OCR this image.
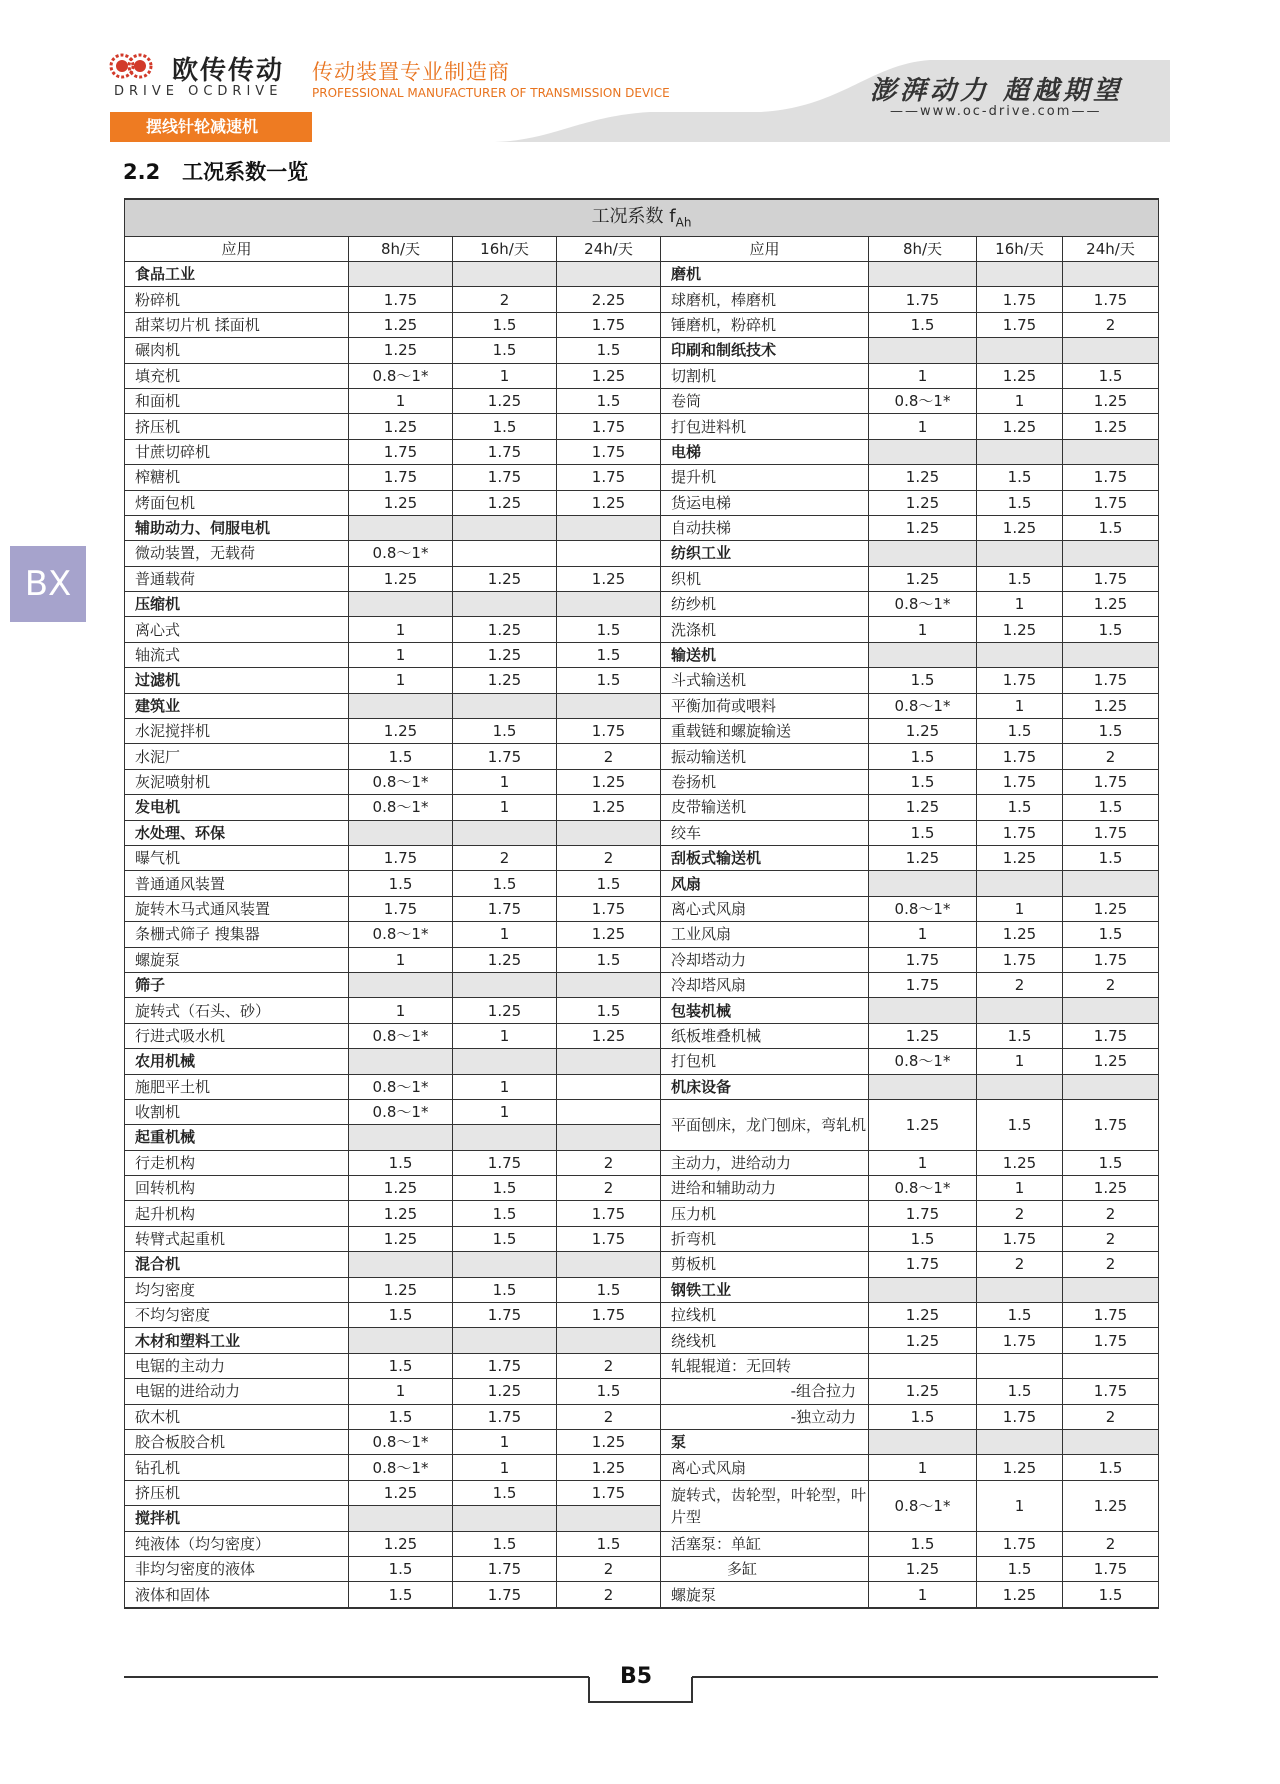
欧传传动
DRIVE OCDRIVE
传动装置专业制造商
PROFESSIONAL MANUFACTURER OF TRANSMISSION DEVICE	澎湃动力 超越期望
——www.oc-drive.com——
摆线针轮减速机
2.2   工况系数一览
BX
工况系数 $f_{Ah}$
应用	8h/天	16h/天	24h/天	应用	8h/天	16h/天	24h/天
食品工业				磨机			
粉碎机	1.75	2	2.25	球磨机，棒磨机	1.75	1.75	1.75
甜菜切片机 揉面机	1.25	1.5	1.75	锤磨机，粉碎机	1.5	1.75	2
碾肉机	1.25	1.5	1.5	印刷和制纸技术			
填充机	0.8～1*	1	1.25	切割机	1	1.25	1.5
和面机	1	1.25	1.5	卷筒	0.8～1*	1	1.25
挤压机	1.25	1.5	1.75	打包进料机	1	1.25	1.25
甘蔗切碎机	1.75	1.75	1.75	电梯			
榨糖机	1.75	1.75	1.75	提升机	1.25	1.5	1.75
烤面包机	1.25	1.25	1.25	货运电梯	1.25	1.5	1.75
辅助动力、伺服电机				自动扶梯	1.25	1.25	1.5
微动装置，无载荷	0.8～1*			纺织工业			
普通载荷	1.25	1.25	1.25	织机	1.25	1.5	1.75
压缩机				纺纱机	0.8～1*	1	1.25
离心式	1	1.25	1.5	洗涤机	1	1.25	1.5
轴流式	1	1.25	1.5	输送机			
过滤机	1	1.25	1.5	斗式输送机	1.5	1.75	1.75
建筑业				平衡加荷或喂料	0.8～1*	1	1.25
水泥搅拌机	1.25	1.5	1.75	重载链和螺旋输送	1.25	1.5	1.5
水泥厂	1.5	1.75	2	振动输送机	1.5	1.75	2
灰泥喷射机	0.8～1*	1	1.25	卷扬机	1.5	1.75	1.75
发电机	0.8～1*	1	1.25	皮带输送机	1.25	1.5	1.5
水处理、环保				绞车	1.5	1.75	1.75
曝气机	1.75	2	2	刮板式输送机	1.25	1.25	1.5
普通通风装置	1.5	1.5	1.5	风扇			
旋转木马式通风装置	1.75	1.75	1.75	离心式风扇	0.8～1*	1	1.25
条栅式筛子 搜集器	0.8～1*	1	1.25	工业风扇	1	1.25	1.5
螺旋泵	1	1.25	1.5	冷却塔动力	1.75	1.75	1.75
筛子				冷却塔风扇	1.75	2	2
旋转式（石头、砂）	1	1.25	1.5	包装机械			
行进式吸水机	0.8～1*	1	1.25	纸板堆叠机械	1.25	1.5	1.75
农用机械				打包机	0.8～1*	1	1.25
施肥平土机	0.8～1*	1		机床设备			
收割机	0.8～1*	1		平面刨床，龙门刨床，弯轧机	1.25	1.5	1.75
起重机械							
行走机构	1.5	1.75	2	主动力，进给动力	1	1.25	1.5
回转机构	1.25	1.5	2	进给和辅助动力	0.8～1*	1	1.25
起升机构	1.25	1.5	1.75	压力机	1.75	2	2
转臂式起重机	1.25	1.5	1.75	折弯机	1.5	1.75	2
混合机				剪板机	1.75	2	2
均匀密度	1.25	1.5	1.5	钢铁工业			
不均匀密度	1.5	1.75	1.75	拉线机	1.25	1.5	1.75
木材和塑料工业				绕线机	1.25	1.75	1.75
电锯的主动力	1.5	1.75	2	轧辊辊道：无回转			
电锯的进给动力	1	1.25	1.5	-组合拉力	1.25	1.5	1.75
砍木机	1.5	1.75	2	-独立动力	1.5	1.75	2
胶合板胶合机	0.8～1*	1	1.25	泵			
钻孔机	0.8～1*	1	1.25	离心式风扇	1	1.25	1.5
挤压机	1.25	1.5	1.75	旋转式，齿轮型，叶轮型，叶片型	0.8～1*	1	1.25
搅拌机							
纯液体（均匀密度）	1.25	1.5	1.5	活塞泵：单缸	1.5	1.75	2
非均匀密度的液体	1.5	1.75	2	多缸	1.25	1.5	1.75
液体和固体	1.5	1.75	2	螺旋泵	1	1.25	1.5
B5
